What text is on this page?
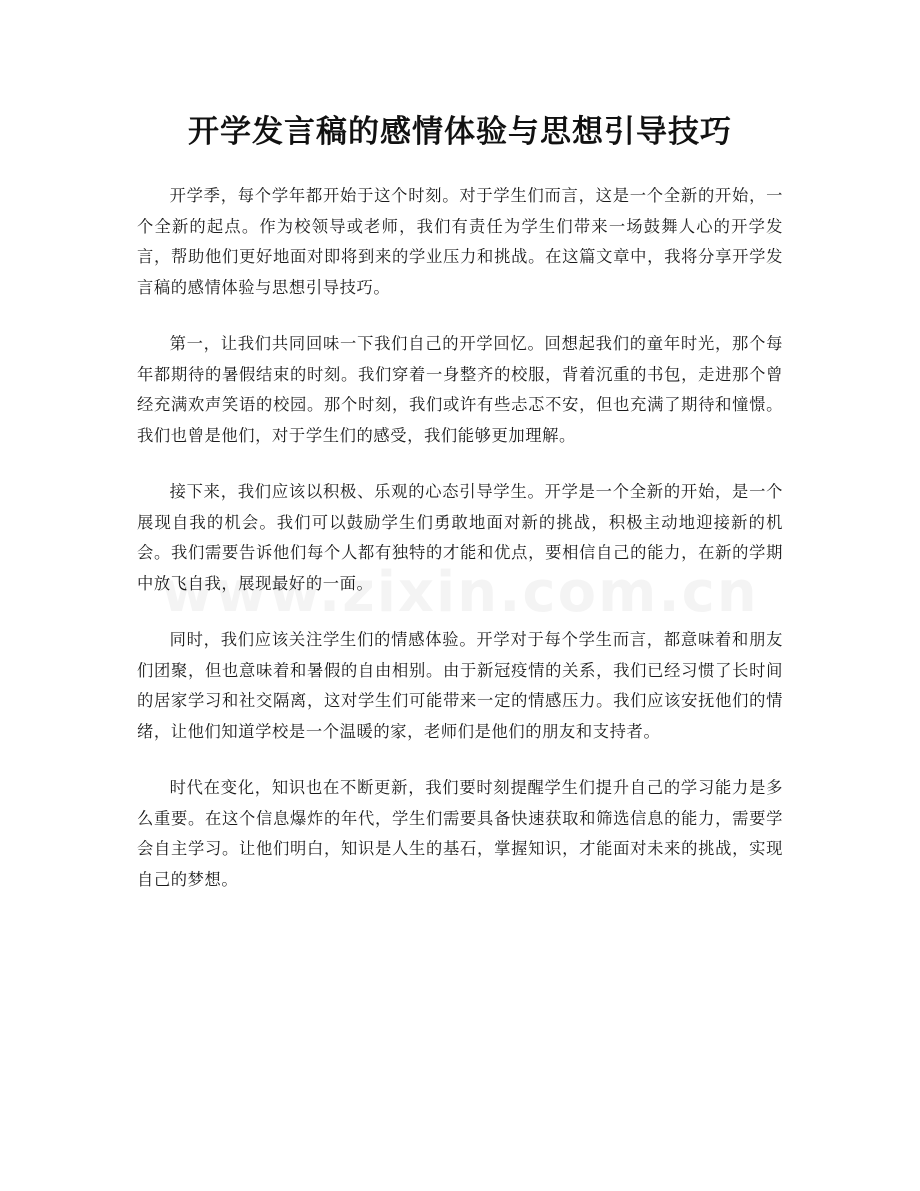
开学发言稿的感情体验与思想引导技巧

开学季，每个学年都开始于这个时刻。对于学生们而言，这是一个全新的开始，一个全新的起点。作为校领导或老师，我们有责任为学生们带来一场鼓舞人心的开学发言，帮助他们更好地面对即将到来的学业压力和挑战。在这篇文章中，我将分享开学发言稿的感情体验与思想引导技巧。

第一，让我们共同回味一下我们自己的开学回忆。回想起我们的童年时光，那个每年都期待的暑假结束的时刻。我们穿着一身整齐的校服，背着沉重的书包，走进那个曾经充满欢声笑语的校园。那个时刻，我们或许有些忐忑不安，但也充满了期待和憧憬。我们也曾是他们，对于学生们的感受，我们能够更加理解。

接下来，我们应该以积极、乐观的心态引导学生。开学是一个全新的开始，是一个展现自我的机会。我们可以鼓励学生们勇敢地面对新的挑战，积极主动地迎接新的机会。我们需要告诉他们每个人都有独特的才能和优点，要相信自己的能力，在新的学期中放飞自我，展现最好的一面。

同时，我们应该关注学生们的情感体验。开学对于每个学生而言，都意味着和朋友们团聚，但也意味着和暑假的自由相别。由于新冠疫情的关系，我们已经习惯了长时间的居家学习和社交隔离，这对学生们可能带来一定的情感压力。我们应该安抚他们的情绪，让他们知道学校是一个温暖的家，老师们是他们的朋友和支持者。

时代在变化，知识也在不断更新，我们要时刻提醒学生们提升自己的学习能力是多么重要。在这个信息爆炸的年代，学生们需要具备快速获取和筛选信息的能力，需要学会自主学习。让他们明白，知识是人生的基石，掌握知识，才能面对未来的挑战，实现自己的梦想。
